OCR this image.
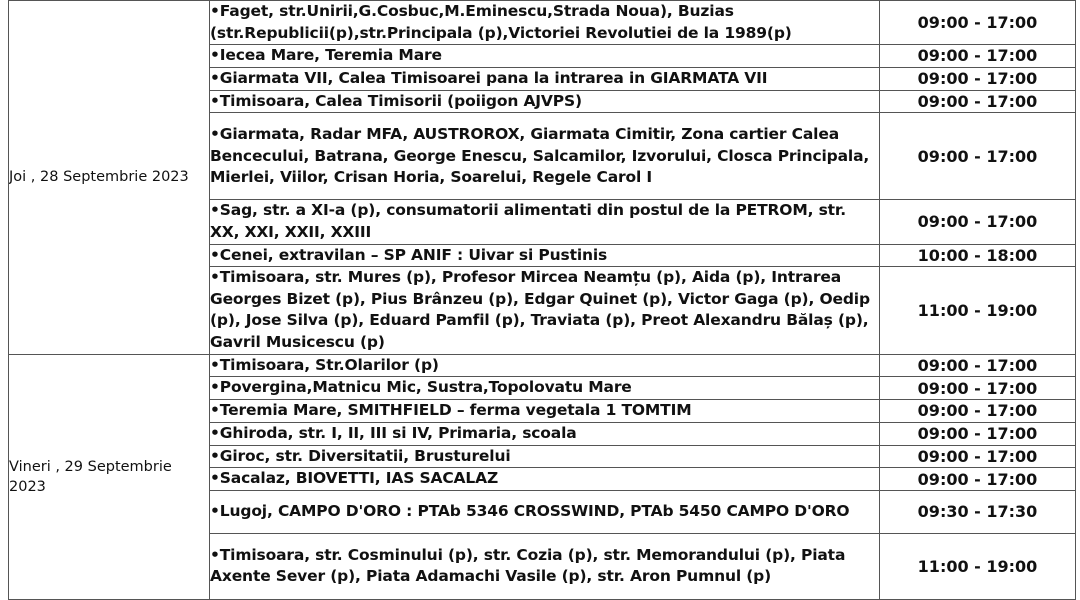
Joi , 28 Septembrie 2023	•Faget, str.Unirii,G.Cosbuc,M.Eminescu,Strada Noua), Buzias (str.Republicii(p),str.Principala (p),Victoriei Revolutiei de la 1989(p)	09:00 - 17:00
	•Iecea Mare, Teremia Mare	09:00 - 17:00
	•Giarmata VII, Calea Timisoarei pana la intrarea in GIARMATA VII	09:00 - 17:00
	•Timisoara, Calea Timisorii (poiigon AJVPS)	09:00 - 17:00
	•Giarmata, Radar MFA, AUSTROROX, Giarmata Cimitir, Zona cartier Calea Bencecului, Batrana, George Enescu, Salcamilor, Izvorului, Closca Principala, Mierlei, Viilor, Crisan Horia, Soarelui, Regele Carol I	09:00 - 17:00
	•Sag, str. a XI-a (p), consumatorii alimentati din postul de la PETROM, str. XX, XXI, XXII, XXIII	09:00 - 17:00
	•Cenei, extravilan – SP ANIF : Uivar si Pustinis	10:00 - 18:00
	•Timisoara, str. Mures (p), Profesor Mircea Neamțu (p), Aida (p), Intrarea Georges Bizet (p), Pius Brânzeu (p), Edgar Quinet (p), Victor Gaga (p), Oedip (p), Jose Silva (p), Eduard Pamfil (p), Traviata (p), Preot Alexandru Bălaș (p), Gavril Musicescu (p)	11:00 - 19:00
Vineri , 29 Septembrie 2023	•Timisoara, Str.Olarilor (p)	09:00 - 17:00
	•Povergina,Matnicu Mic, Sustra,Topolovatu Mare	09:00 - 17:00
	•Teremia Mare, SMITHFIELD – ferma vegetala 1 TOMTIM	09:00 - 17:00
	•Ghiroda, str. I, II, III si IV, Primaria, scoala	09:00 - 17:00
	•Giroc, str. Diversitatii, Brusturelui	09:00 - 17:00
	•Sacalaz, BIOVETTI, IAS SACALAZ	09:00 - 17:00
	•Lugoj, CAMPO D'ORO : PTAb 5346 CROSSWIND, PTAb 5450 CAMPO D'ORO	09:30 - 17:30
	•Timisoara, str. Cosminului (p), str. Cozia (p), str. Memorandului (p), Piata Axente Sever (p), Piata Adamachi Vasile (p), str. Aron Pumnul (p)	11:00 - 19:00
